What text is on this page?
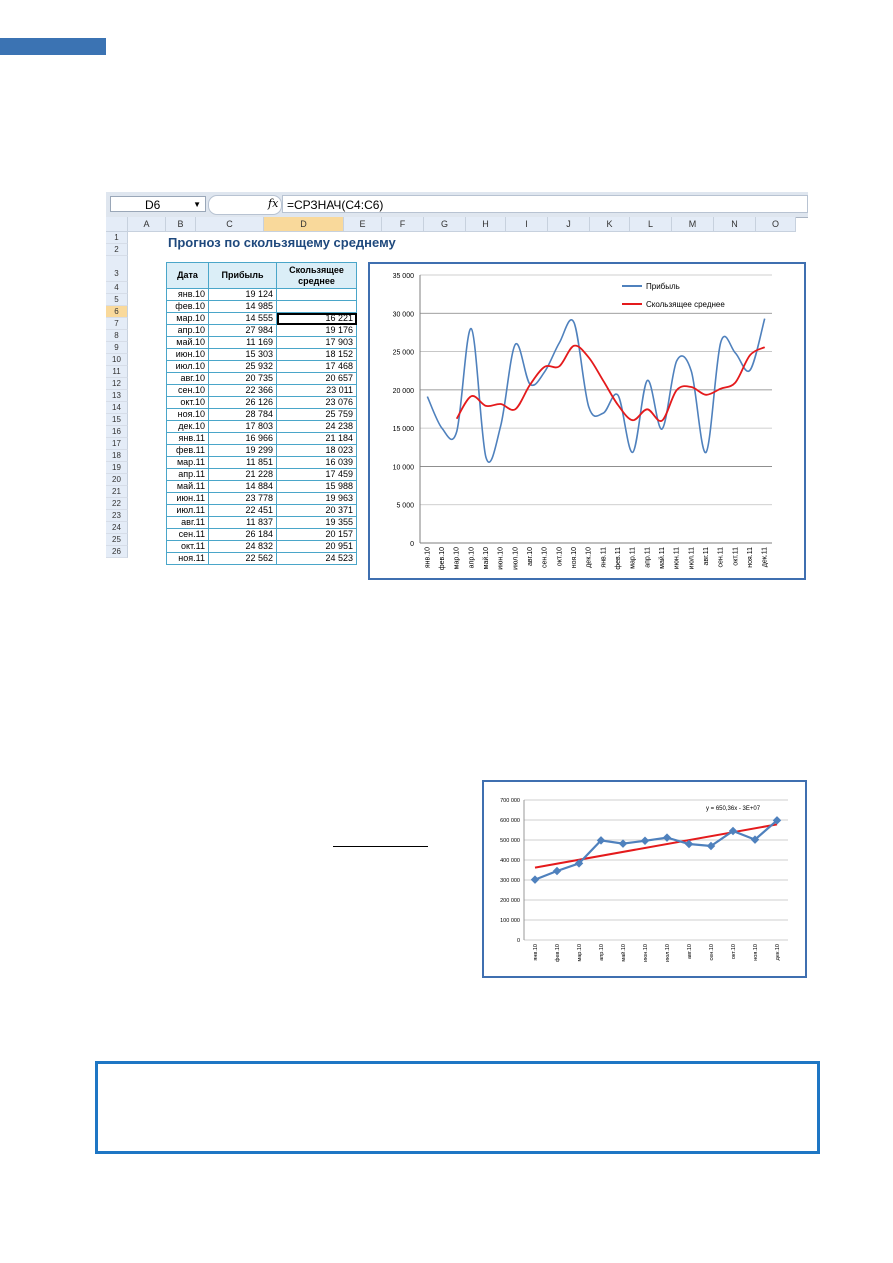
D6	▼	fx =СРЗНАЧ(C4:C6)
A	B	C	D	E	F	G	H	I	J	K	L	M	N	O
1
2
3
4
5
6
7
8
9
10
11
12
13
14
15
16
17
18
19
20
21
22
23
24
25
26
Прогноз по скользящему среднему
Дата	Прибыль	Скользящее среднее
янв.10	19 124	
фев.10	14 985	
мар.10	14 555	16 221
апр.10	27 984	19 176
май.10	11 169	17 903
июн.10	15 303	18 152
июл.10	25 932	17 468
авг.10	20 735	20 657
сен.10	22 366	23 011
окт.10	26 126	23 076
ноя.10	28 784	25 759
дек.10	17 803	24 238
янв.11	16 966	21 184
фев.11	19 299	18 023
мар.11	11 851	16 039
апр.11	21 228	17 459
май.11	14 884	15 988
июн.11	23 778	19 963
июл.11	22 451	20 371
авг.11	11 837	19 355
сен.11	26 184	20 157
окт.11	24 832	20 951
ноя.11	22 562	24 523
0
5 000
10 000
15 000
20 000
25 000
30 000
35 000
янв.10 фев.10 мар.10 апр.10 май.10 июн.10 июл.10 авг.10 сен.10 окт.10 ноя.10 дек.10 янв.11 фев.11 мар.11 апр.11 май.11 июн.11 июл.11 авг.11 сен.11 окт.11 ноя.11 дек.11
Прибыль
Скользящее среднее
0
100 000
200 000
300 000
400 000
500 000
600 000
700 000
янв.10	фев.10	мар.10	апр.10	май.10	июн.10	июл.10	авг.10	сен.10	окт.10	ноя.10	дек.10
y = 650,36x - 3E+07
